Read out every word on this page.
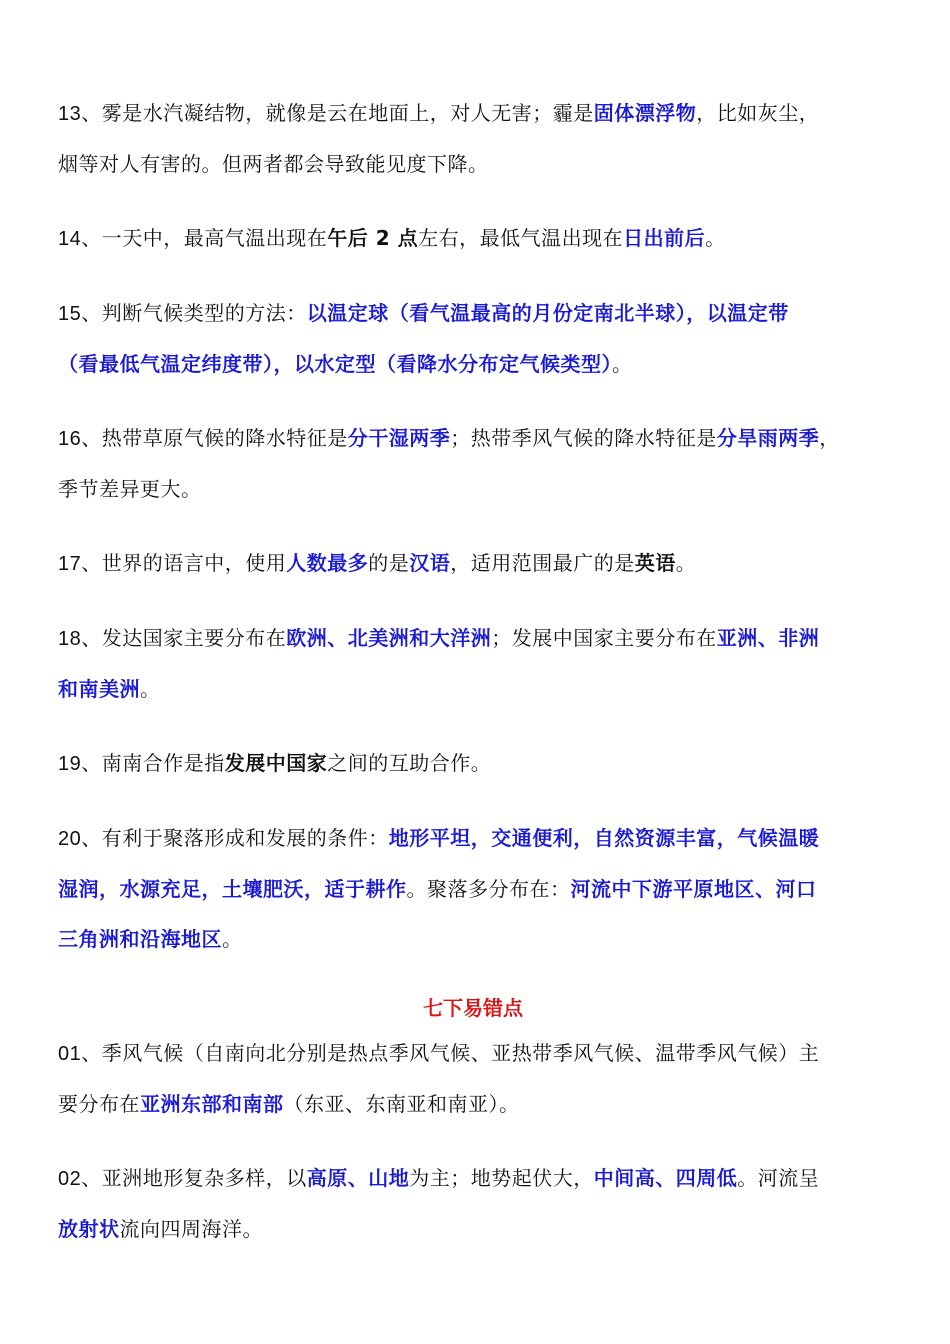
13、雾是水汽凝结物，就像是云在地面上，对人无害；霾是固体漂浮物，比如灰尘，

烟等对人有害的。但两者都会导致能见度下降。

14、一天中，最高气温出现在午后 2 点左右，最低气温出现在日出前后。

15、判断气候类型的方法：以温定球（看气温最高的月份定南北半球），以温定带

（看最低气温定纬度带），以水定型（看降水分布定气候类型）。

16、热带草原气候的降水特征是分干湿两季；热带季风气候的降水特征是分旱雨两季，

季节差异更大。

17、世界的语言中，使用人数最多的是汉语，适用范围最广的是英语。

18、发达国家主要分布在欧洲、北美洲和大洋洲；发展中国家主要分布在亚洲、非洲

和南美洲。

19、南南合作是指发展中国家之间的互助合作。

20、有利于聚落形成和发展的条件：地形平坦，交通便利，自然资源丰富，气候温暖

湿润，水源充足，土壤肥沃，适于耕作。聚落多分布在：河流中下游平原地区、河口

三角洲和沿海地区。

七下易错点

01、季风气候（自南向北分别是热点季风气候、亚热带季风气候、温带季风气候）主

要分布在亚洲东部和南部（东亚、东南亚和南亚）。

02、亚洲地形复杂多样，以高原、山地为主；地势起伏大，中间高、四周低。河流呈

放射状流向四周海洋。
